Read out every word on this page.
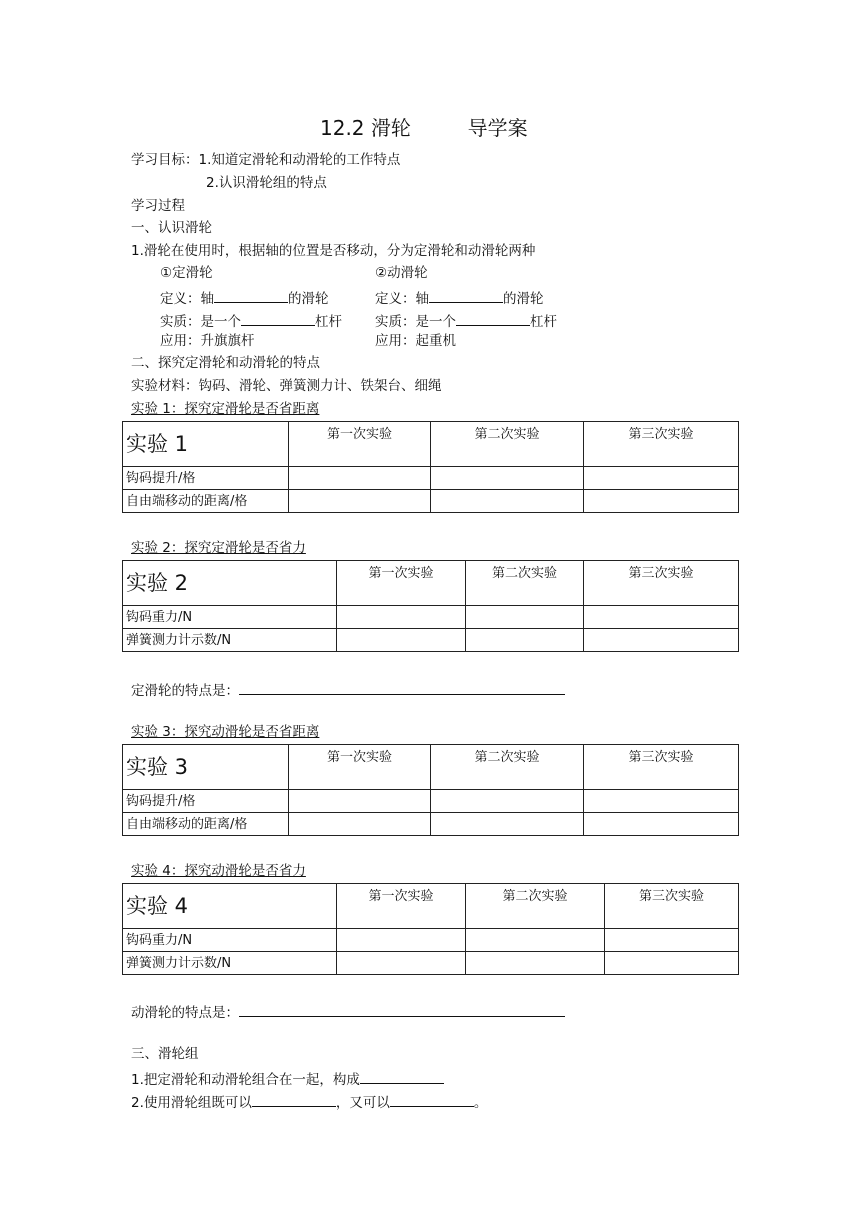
12.2 滑轮	导学案
学习目标：1.知道定滑轮和动滑轮的工作特点
2.认识滑轮组的特点
学习过程
一、认识滑轮
1.滑轮在使用时，根据轴的位置是否移动，分为定滑轮和动滑轮两种
①定滑轮	②动滑轮
定义：轴	的滑轮	定义：轴	的滑轮
实质：是一个	杠杆 实质：是一个	杠杆
应用：升旗旗杆	应用：起重机
二、探究定滑轮和动滑轮的特点
实验材料：钩码、滑轮、弹簧测力计、铁架台、细绳
实验 1：探究定滑轮是否省距离
实验 1	第一次实验	第二次实验	第三次实验
钩码提升/格			
自由端移动的距离/格			
实验 2：探究定滑轮是否省力
实验 2	第一次实验	第二次实验	第三次实验
钩码重力/N			
弹簧测力计示数/N			
定滑轮的特点是：
实验 3：探究动滑轮是否省距离
实验 3	第一次实验	第二次实验	第三次实验
钩码提升/格			
自由端移动的距离/格			
实验 4：探究动滑轮是否省力
实验 4	第一次实验	第二次实验	第三次实验
钩码重力/N			
弹簧测力计示数/N			
动滑轮的特点是：
三、滑轮组
1.把定滑轮和动滑轮组合在一起，构成
2.使用滑轮组既可以	，又可以	。
